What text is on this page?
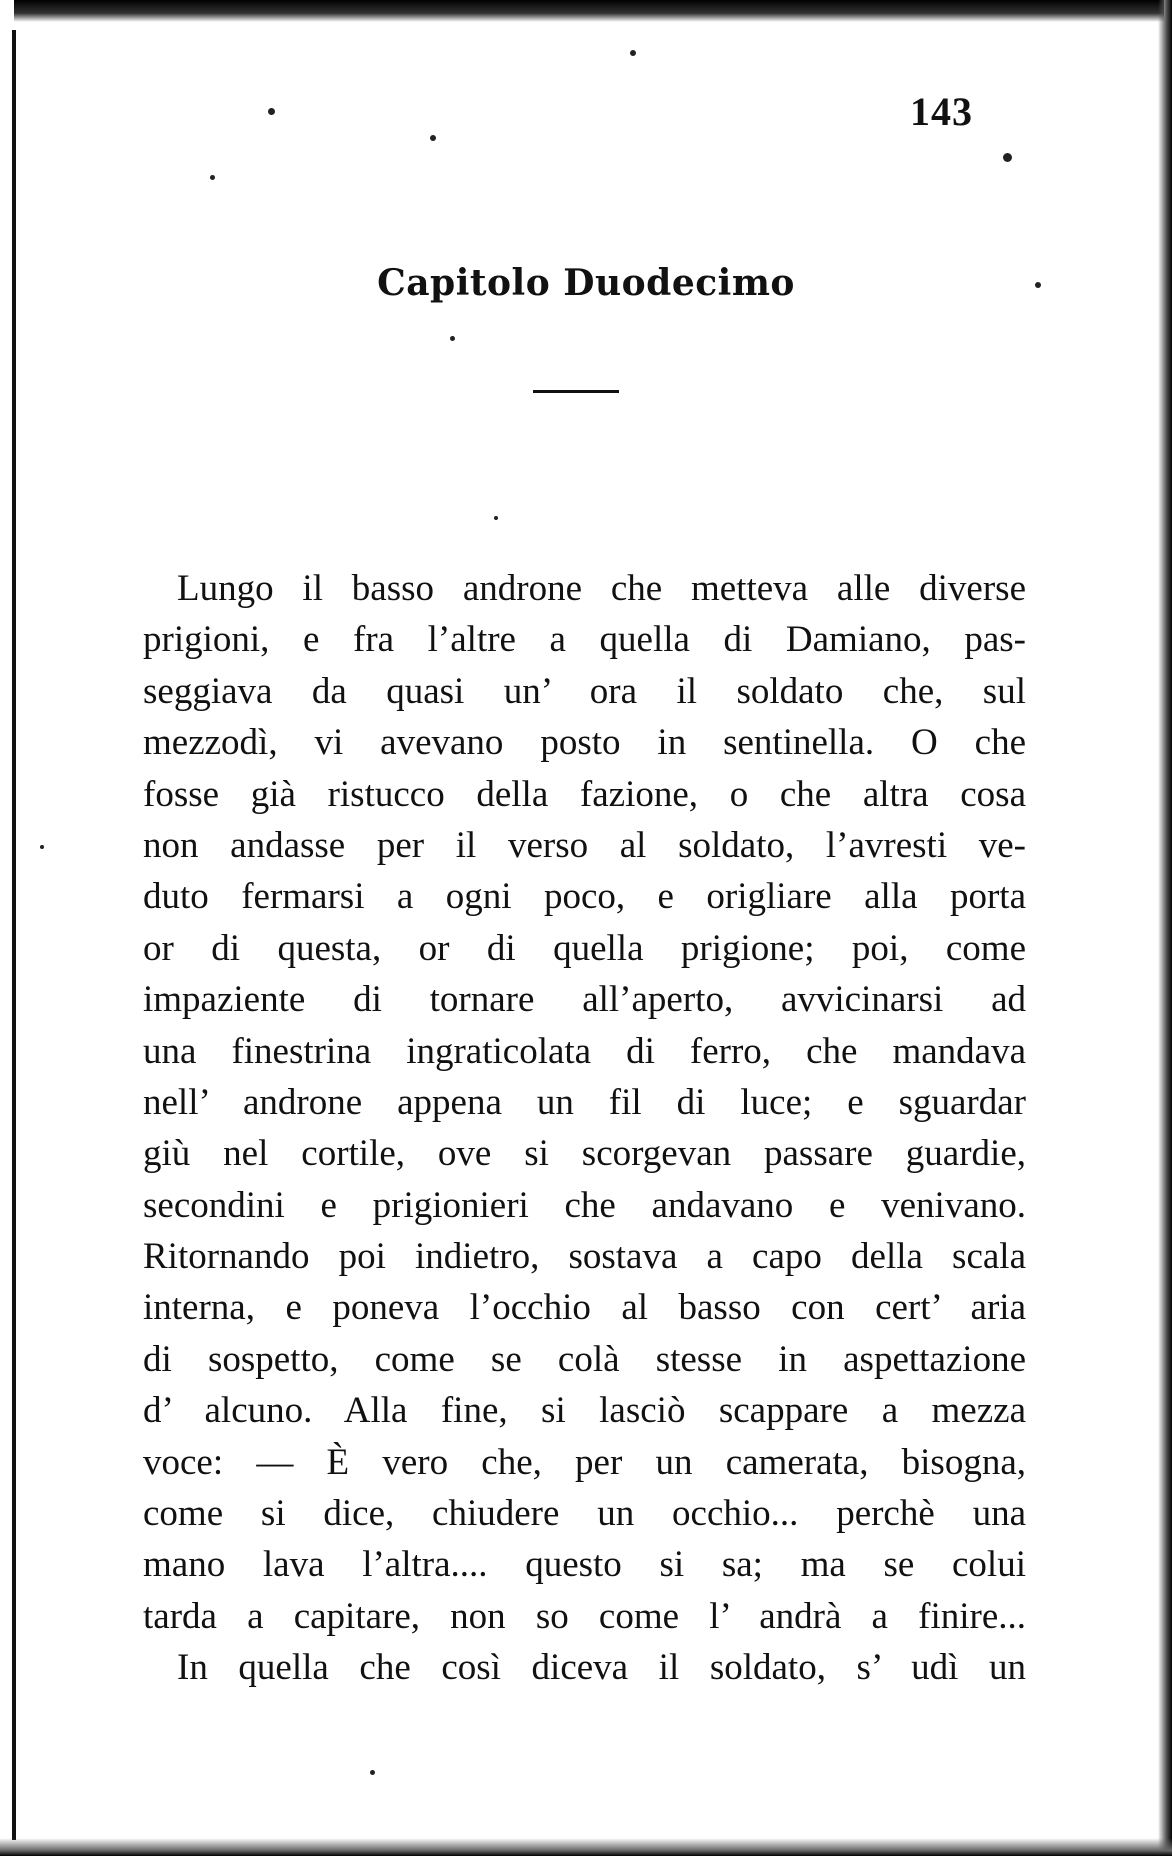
143
Capitolo Duodecimo
Lungo il basso androne che metteva alle diverse
prigioni, e fra l’altre a quella di Damiano, pas-
seggiava da quasi un’ ora il soldato che, sul
mezzodì, vi avevano posto in sentinella. O che
fosse già ristucco della fazione, o che altra cosa
non andasse per il verso al soldato, l’avresti ve-
duto fermarsi a ogni poco, e origliare alla porta
or di questa, or di quella prigione; poi, come
impaziente di tornare all’aperto, avvicinarsi ad
una finestrina ingraticolata di ferro, che mandava
nell’ androne appena un fil di luce; e sguardar
giù nel cortile, ove si scorgevan passare guardie,
secondini e prigionieri che andavano e venivano.
Ritornando poi indietro, sostava a capo della scala
interna, e poneva l’occhio al basso con cert’ aria
di sospetto, come se colà stesse in aspettazione
d’ alcuno. Alla fine, si lasciò scappare a mezza
voce: — È vero che, per un camerata, bisogna,
come si dice, chiudere un occhio... perchè una
mano lava l’altra.... questo si sa; ma se colui
tarda a capitare, non so come l’ andrà a finire...
In quella che così diceva il soldato, s’ udì un
